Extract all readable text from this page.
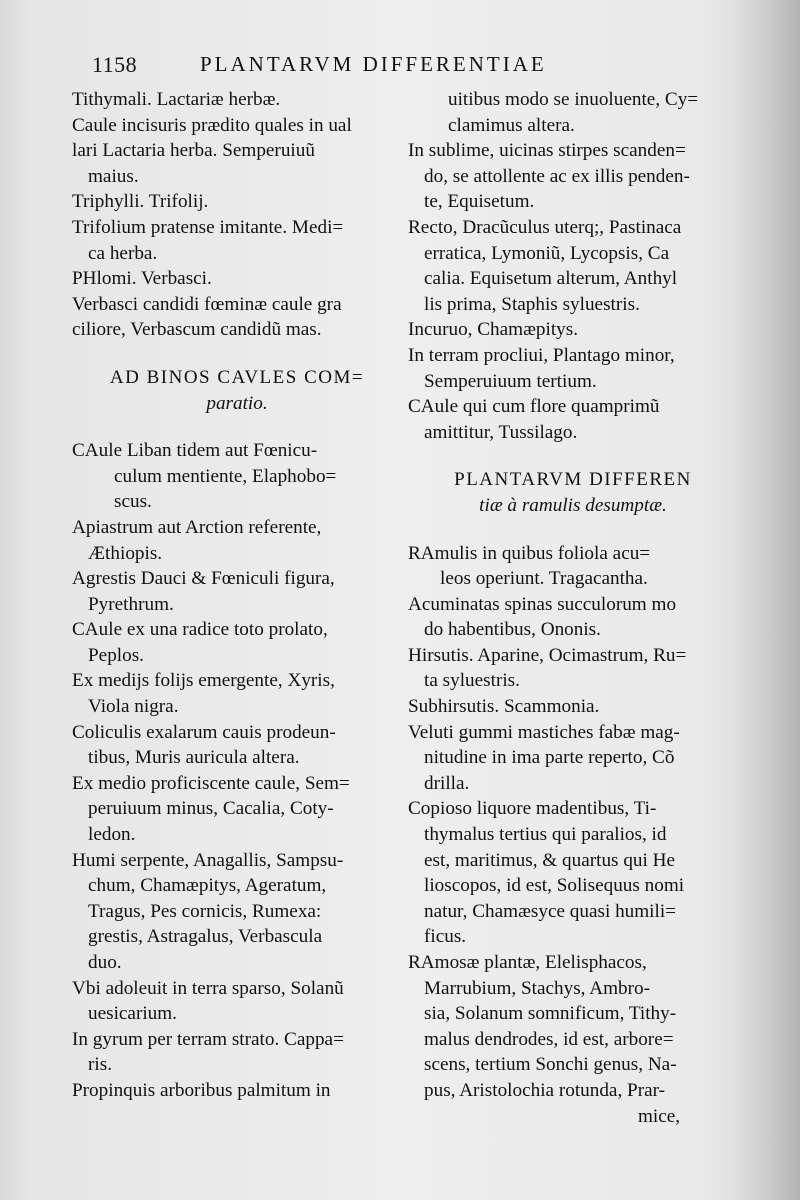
1158	PLANTARVM DIFFERENTIAE
Tithymali. Lactariæ herbæ.
Caule incisuris prædito quales in ual
lari Lactaria herba. Semperuiuũ
maius.
Triphylli. Trifolij.
Trifolium pratense imitante. Medi=
ca herba.
PHlomi. Verbasci.
Verbasci candidi fœminæ caule gra
ciliore, Verbascum candidũ mas.
AD BINOS CAVLES COM=
paratio.
CAule Liban tidem aut Fœnicu-
culum mentiente, Elaphobo=
scus.
Apiastrum aut Arction referente,
Æthiopis.
Agrestis Dauci & Fœniculi figura,
Pyrethrum.
CAule ex una radice toto prolato,
Peplos.
Ex medijs folijs emergente, Xyris,
Viola nigra.
Coliculis exalarum cauis prodeun-
tibus, Muris auricula altera.
Ex medio proficiscente caule, Sem=
peruiuum minus, Cacalia, Coty-
ledon.
Humi serpente, Anagallis, Sampsu-
chum, Chamæpitys, Ageratum,
Tragus, Pes cornicis, Rumexa:
grestis, Astragalus, Verbascula
duo.
Vbi adoleuit in terra sparso, Solanũ
uesicarium.
In gyrum per terram strato. Cappa=
ris.
Propinquis arboribus palmitum in
uitibus modo se inuoluente, Cy=
clamimus altera.
In sublime, uicinas stirpes scanden=
do, se attollente ac ex illis penden-
te, Equisetum.
Recto, Dracũculus uterq;, Pastinaca
erratica, Lymoniũ, Lycopsis, Ca
calia. Equisetum alterum, Anthyl
lis prima, Staphis syluestris.
Incuruo, Chamæpitys.
In terram procliui, Plantago minor,
Semperuiuum tertium.
CAule qui cum flore quamprimũ
amittitur, Tussilago.
PLANTARVM DIFFEREN
tiæ à ramulis desumptæ.
RAmulis in quibus foliola acu=
leos operiunt. Tragacantha.
Acuminatas spinas succulorum mo
do habentibus, Ononis.
Hirsutis. Aparine, Ocimastrum, Ru=
ta syluestris.
Subhirsutis. Scammonia.
Veluti gummi mastiches fabæ mag-
nitudine in ima parte reperto, Cõ
drilla.
Copioso liquore madentibus, Ti-
thymalus tertius qui paralios, id
est, maritimus, & quartus qui He
lioscopos, id est, Solisequus nomi
natur, Chamæsyce quasi humili=
ficus.
RAmosæ plantæ, Elelisphacos,
Marrubium, Stachys, Ambro-
sia, Solanum somnificum, Tithy-
malus dendrodes, id est, arbore=
scens, tertium Sonchi genus, Na-
pus, Aristolochia rotunda, Prar-
mice,
